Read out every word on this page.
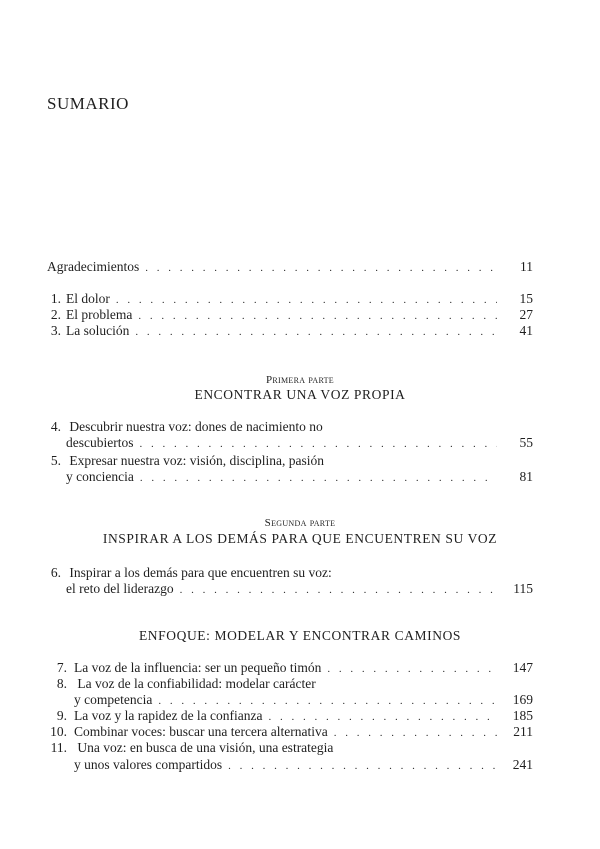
SUMARIO
Agradecimientos . . .	11
1. El dolor . . .	15
2. El problema . . .	27
3. La solución . . .	41
Primera parte
ENCONTRAR UNA VOZ PROPIA
4. Descubrir nuestra voz: dones de nacimiento no
descubiertos . . .	55
5. Expresar nuestra voz: visión, disciplina, pasión
y conciencia . . .	81
Segunda parte
INSPIRAR A LOS DEMÁS PARA QUE ENCUENTREN SU VOZ
6. Inspirar a los demás para que encuentren su voz:
el reto del liderazgo . . .	115
ENFOQUE: MODELAR Y ENCONTRAR CAMINOS
7. La voz de la influencia: ser un pequeño timón . . .	147
8. La voz de la confiabilidad: modelar carácter
y competencia . . .	169
9. La voz y la rapidez de la confianza . . .	185
10. Combinar voces: buscar una tercera alternativa . . .	211
11. Una voz: en busca de una visión, una estrategia
y unos valores compartidos . . .	241
